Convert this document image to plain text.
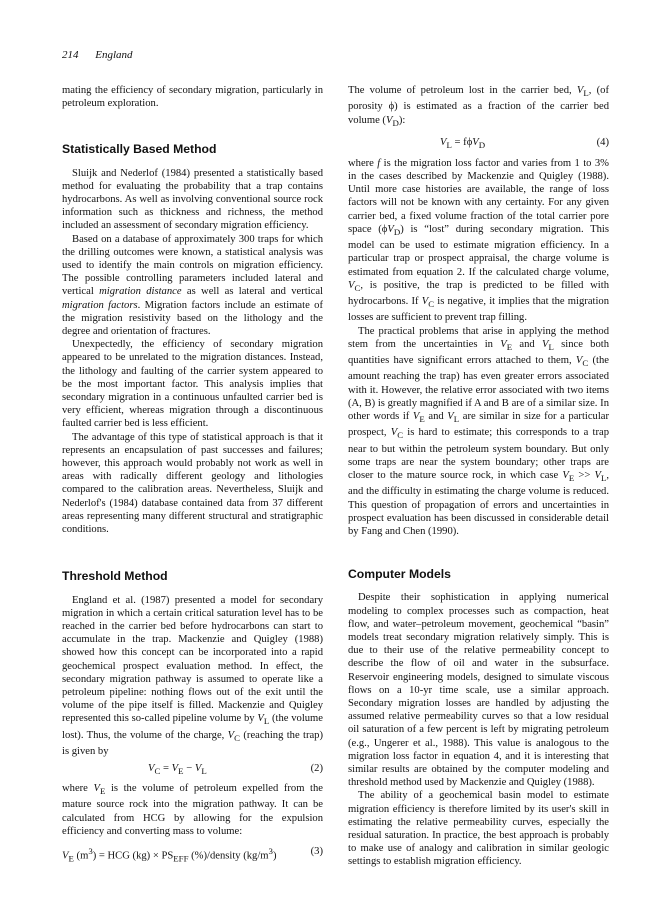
214 England

mating the efficiency of secondary migration, particularly in petroleum exploration.

Statistically Based Method

Sluijk and Nederlof (1984) presented a statistically based method for evaluating the probability that a trap contains hydrocarbons. As well as involving conventional source rock information such as thickness and richness, the method included an assessment of secondary migration efficiency.

Based on a database of approximately 300 traps for which the drilling outcomes were known, a statistical analysis was used to identify the main controls on migration efficiency. The possible controlling parameters included lateral and vertical migration distance as well as lateral and vertical migration factors. Migration factors include an estimate of the migration resistivity based on the lithology and the degree and orientation of fractures.

Unexpectedly, the efficiency of secondary migration appeared to be unrelated to the migration distances. Instead, the lithology and faulting of the carrier system appeared to be the most important factor. This analysis implies that secondary migration in a continuous unfaulted carrier bed is very efficient, whereas migration through a discontinuous faulted carrier bed is less efficient.

The advantage of this type of statistical approach is that it represents an encapsulation of past successes and failures; however, this approach would probably not work as well in areas with radically different geology and lithologies compared to the calibration areas. Nevertheless, Sluijk and Nederlof's (1984) database contained data from 37 different areas representing many different structural and stratigraphic conditions.

Threshold Method

England et al. (1987) presented a model for secondary migration in which a certain critical saturation level has to be reached in the carrier bed before hydrocarbons can start to accumulate in the trap. Mackenzie and Quigley (1988) showed how this concept can be incorporated into a rapid geochemical prospect evaluation method. In effect, the secondary migration pathway is assumed to operate like a petroleum pipeline: nothing flows out of the exit until the volume of the pipe itself is filled. Mackenzie and Quigley represented this so-called pipeline volume by $V_L$ (the volume lost). Thus, the volume of the charge, $V_C$ (reaching the trap) is given by

$V_C = V_E - V_L$	(2)

where $V_E$ is the volume of petroleum expelled from the mature source rock into the migration pathway. It can be calculated from HCG by allowing for the expulsion efficiency and converting mass to volume:

$V_E$ $(m^3)$ = HCG $(kg) \times PS_{EFF}$ (%)/density $(kg/m^3)$	(3)

The volume of petroleum lost in the carrier bed, $V_L$, (of porosity ϕ) is estimated as a fraction of the carrier bed volume $(V_D)$:

$V_L = f\phi V_D$	(4)

where f is the migration loss factor and varies from 1 to 3% in the cases described by Mackenzie and Quigley (1988). Until more case histories are available, the range of loss factors will not be known with any certainty. For any given carrier bed, a fixed volume fraction of the total carrier pore space $(\phi V_D)$ is “lost” during secondary migration. This model can be used to estimate migration efficiency. In a particular trap or prospect appraisal, the charge volume is estimated from equation 2. If the calculated charge volume, $V_C$, is positive, the trap is predicted to be filled with hydrocarbons. If $V_C$ is negative, it implies that the migration losses are sufficient to prevent trap filling.

The practical problems that arise in applying the method stem from the uncertainties in $V_E$ and $V_L$ since both quantities have significant errors attached to them, $V_C$ (the amount reaching the trap) has even greater errors associated with it. However, the relative error associated with two items (A, B) is greatly magnified if A and B are of a similar size. In other words if $V_E$ and $V_L$ are similar in size for a particular prospect, $V_C$ is hard to estimate; this corresponds to a trap near to but within the petroleum system boundary. But only some traps are near the system boundary; other traps are closer to the mature source rock, in which case $V_E >> V_L$, and the difficulty in estimating the charge volume is reduced. This question of propagation of errors and uncertainties in prospect evaluation has been discussed in considerable detail by Fang and Chen (1990).

Computer Models

Despite their sophistication in applying numerical modeling to complex processes such as compaction, heat flow, and water–petroleum movement, geochemical “basin” models treat secondary migration relatively simply. This is due to their use of the relative permeability concept to describe the flow of oil and water in the subsurface. Reservoir engineering models, designed to simulate viscous flows on a 10-yr time scale, use a similar approach. Secondary migration losses are handled by adjusting the assumed relative permeability curves so that a low residual oil saturation of a few percent is left by migrating petroleum (e.g., Ungerer et al., 1988). This value is analogous to the migration loss factor in equation 4, and it is interesting that similar results are obtained by the computer modeling and threshold method used by Mackenzie and Quigley (1988).

The ability of a geochemical basin model to estimate migration efficiency is therefore limited by its user's skill in estimating the relative permeability curves, especially the residual saturation. In practice, the best approach is probably to make use of analogy and calibration in similar geologic settings to establish migration efficiency.
